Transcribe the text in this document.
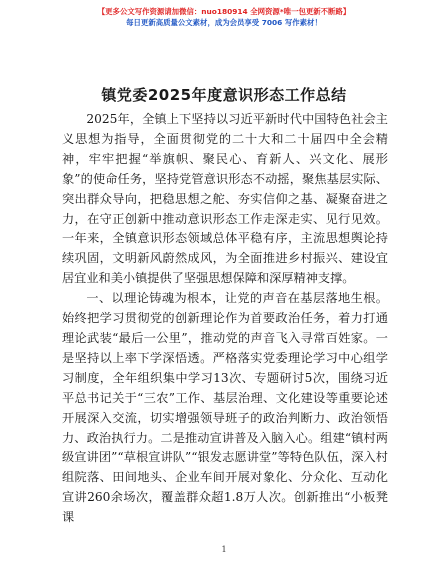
【更多公文写作资源请加微信：nuo180914 全网资源*唯一包更新不断路】
每日更新高质量公文素材，成为会员享受 7006 写作素材！
镇党委2025年度意识形态工作总结

2025年，全镇上下坚持以习近平新时代中国特色社会主义思想为指导，全面贯彻党的二十大和二十届四中全会精神，牢牢把握“举旗帜、聚民心、育新人、兴文化、展形象”的使命任务，坚持党管意识形态不动摇，聚焦基层实际、突出群众导向，把稳思想之舵、夯实信仰之基、凝聚奋进之力，在守正创新中推动意识形态工作走深走实、见行见效。一年来，全镇意识形态领域总体平稳有序，主流思想舆论持续巩固，文明新风蔚然成风，为全面推进乡村振兴、建设宜居宜业和美小镇提供了坚强思想保障和深厚精神支撑。

一、以理论铸魂为根本，让党的声音在基层落地生根。始终把学习贯彻党的创新理论作为首要政治任务，着力打通理论武装“最后一公里”，推动党的声音飞入寻常百姓家。一是坚持以上率下学深悟透。严格落实党委理论学习中心组学习制度，全年组织集中学习13次、专题研讨5次，围绕习近平总书记关于“三农”工作、基层治理、文化建设等重要论述开展深入交流，切实增强领导班子的政治判断力、政治领悟力、政治执行力。二是推动宣讲普及入脑入心。组建“镇村两级宣讲团”“草根宣讲队”“银发志愿讲堂”等特色队伍，深入村组院落、田间地头、企业车间开展对象化、分众化、互动化宣讲260余场次，覆盖群众超1.8万人次。创新推出“小板凳课

1
